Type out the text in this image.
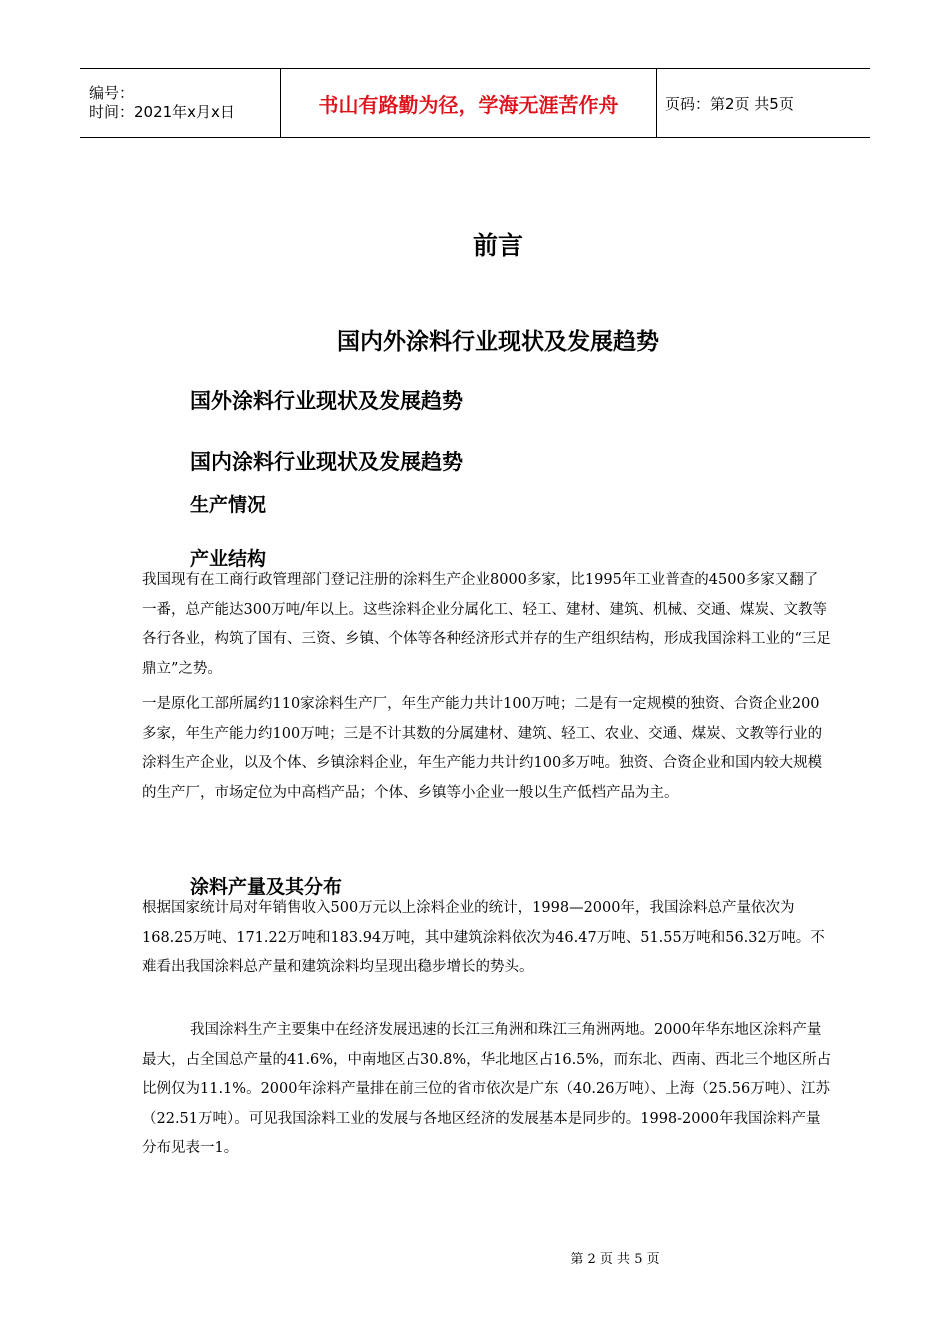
编号：
时间：2021年x月x日	书山有路勤为径，学海无涯苦作舟	页码：第2页 共5页
前言
国内外涂料行业现状及发展趋势
国外涂料行业现状及发展趋势
国内涂料行业现状及发展趋势
生产情况
产业结构

我国现有在工商行政管理部门登记注册的涂料生产企业8000多家，比1995年工业普查的4500多家又翻了一番，总产能达300万吨/年以上。这些涂料企业分属化工、轻工、建材、建筑、机械、交通、煤炭、文教等各行各业，构筑了国有、三资、乡镇、个体等各种经济形式并存的生产组织结构，形成我国涂料工业的“三足鼎立”之势。

一是原化工部所属约110家涂料生产厂，年生产能力共计100万吨；二是有一定规模的独资、合资企业200多家，年生产能力约100万吨；三是不计其数的分属建材、建筑、轻工、农业、交通、煤炭、文教等行业的涂料生产企业，以及个体、乡镇涂料企业，年生产能力共计约100多万吨。独资、合资企业和国内较大规模的生产厂，市场定位为中高档产品；个体、乡镇等小企业一般以生产低档产品为主。

涂料产量及其分布

根据国家统计局对年销售收入500万元以上涂料企业的统计，1998—2000年，我国涂料总产量依次为168.25万吨、171.22万吨和183.94万吨，其中建筑涂料依次为46.47万吨、51.55万吨和56.32万吨。不难看出我国涂料总产量和建筑涂料均呈现出稳步增长的势头。

我国涂料生产主要集中在经济发展迅速的长江三角洲和珠江三角洲两地。2000年华东地区涂料产量最大，占全国总产量的41.6%，中南地区占30.8%，华北地区占16.5%，而东北、西南、西北三个地区所占比例仅为11.1%。2000年涂料产量排在前三位的省市依次是广东（40.26万吨）、上海（25.56万吨）、江苏（22.51万吨）。可见我国涂料工业的发展与各地区经济的发展基本是同步的。1998-2000年我国涂料产量分布见表一1。

第 2 页 共 5 页
